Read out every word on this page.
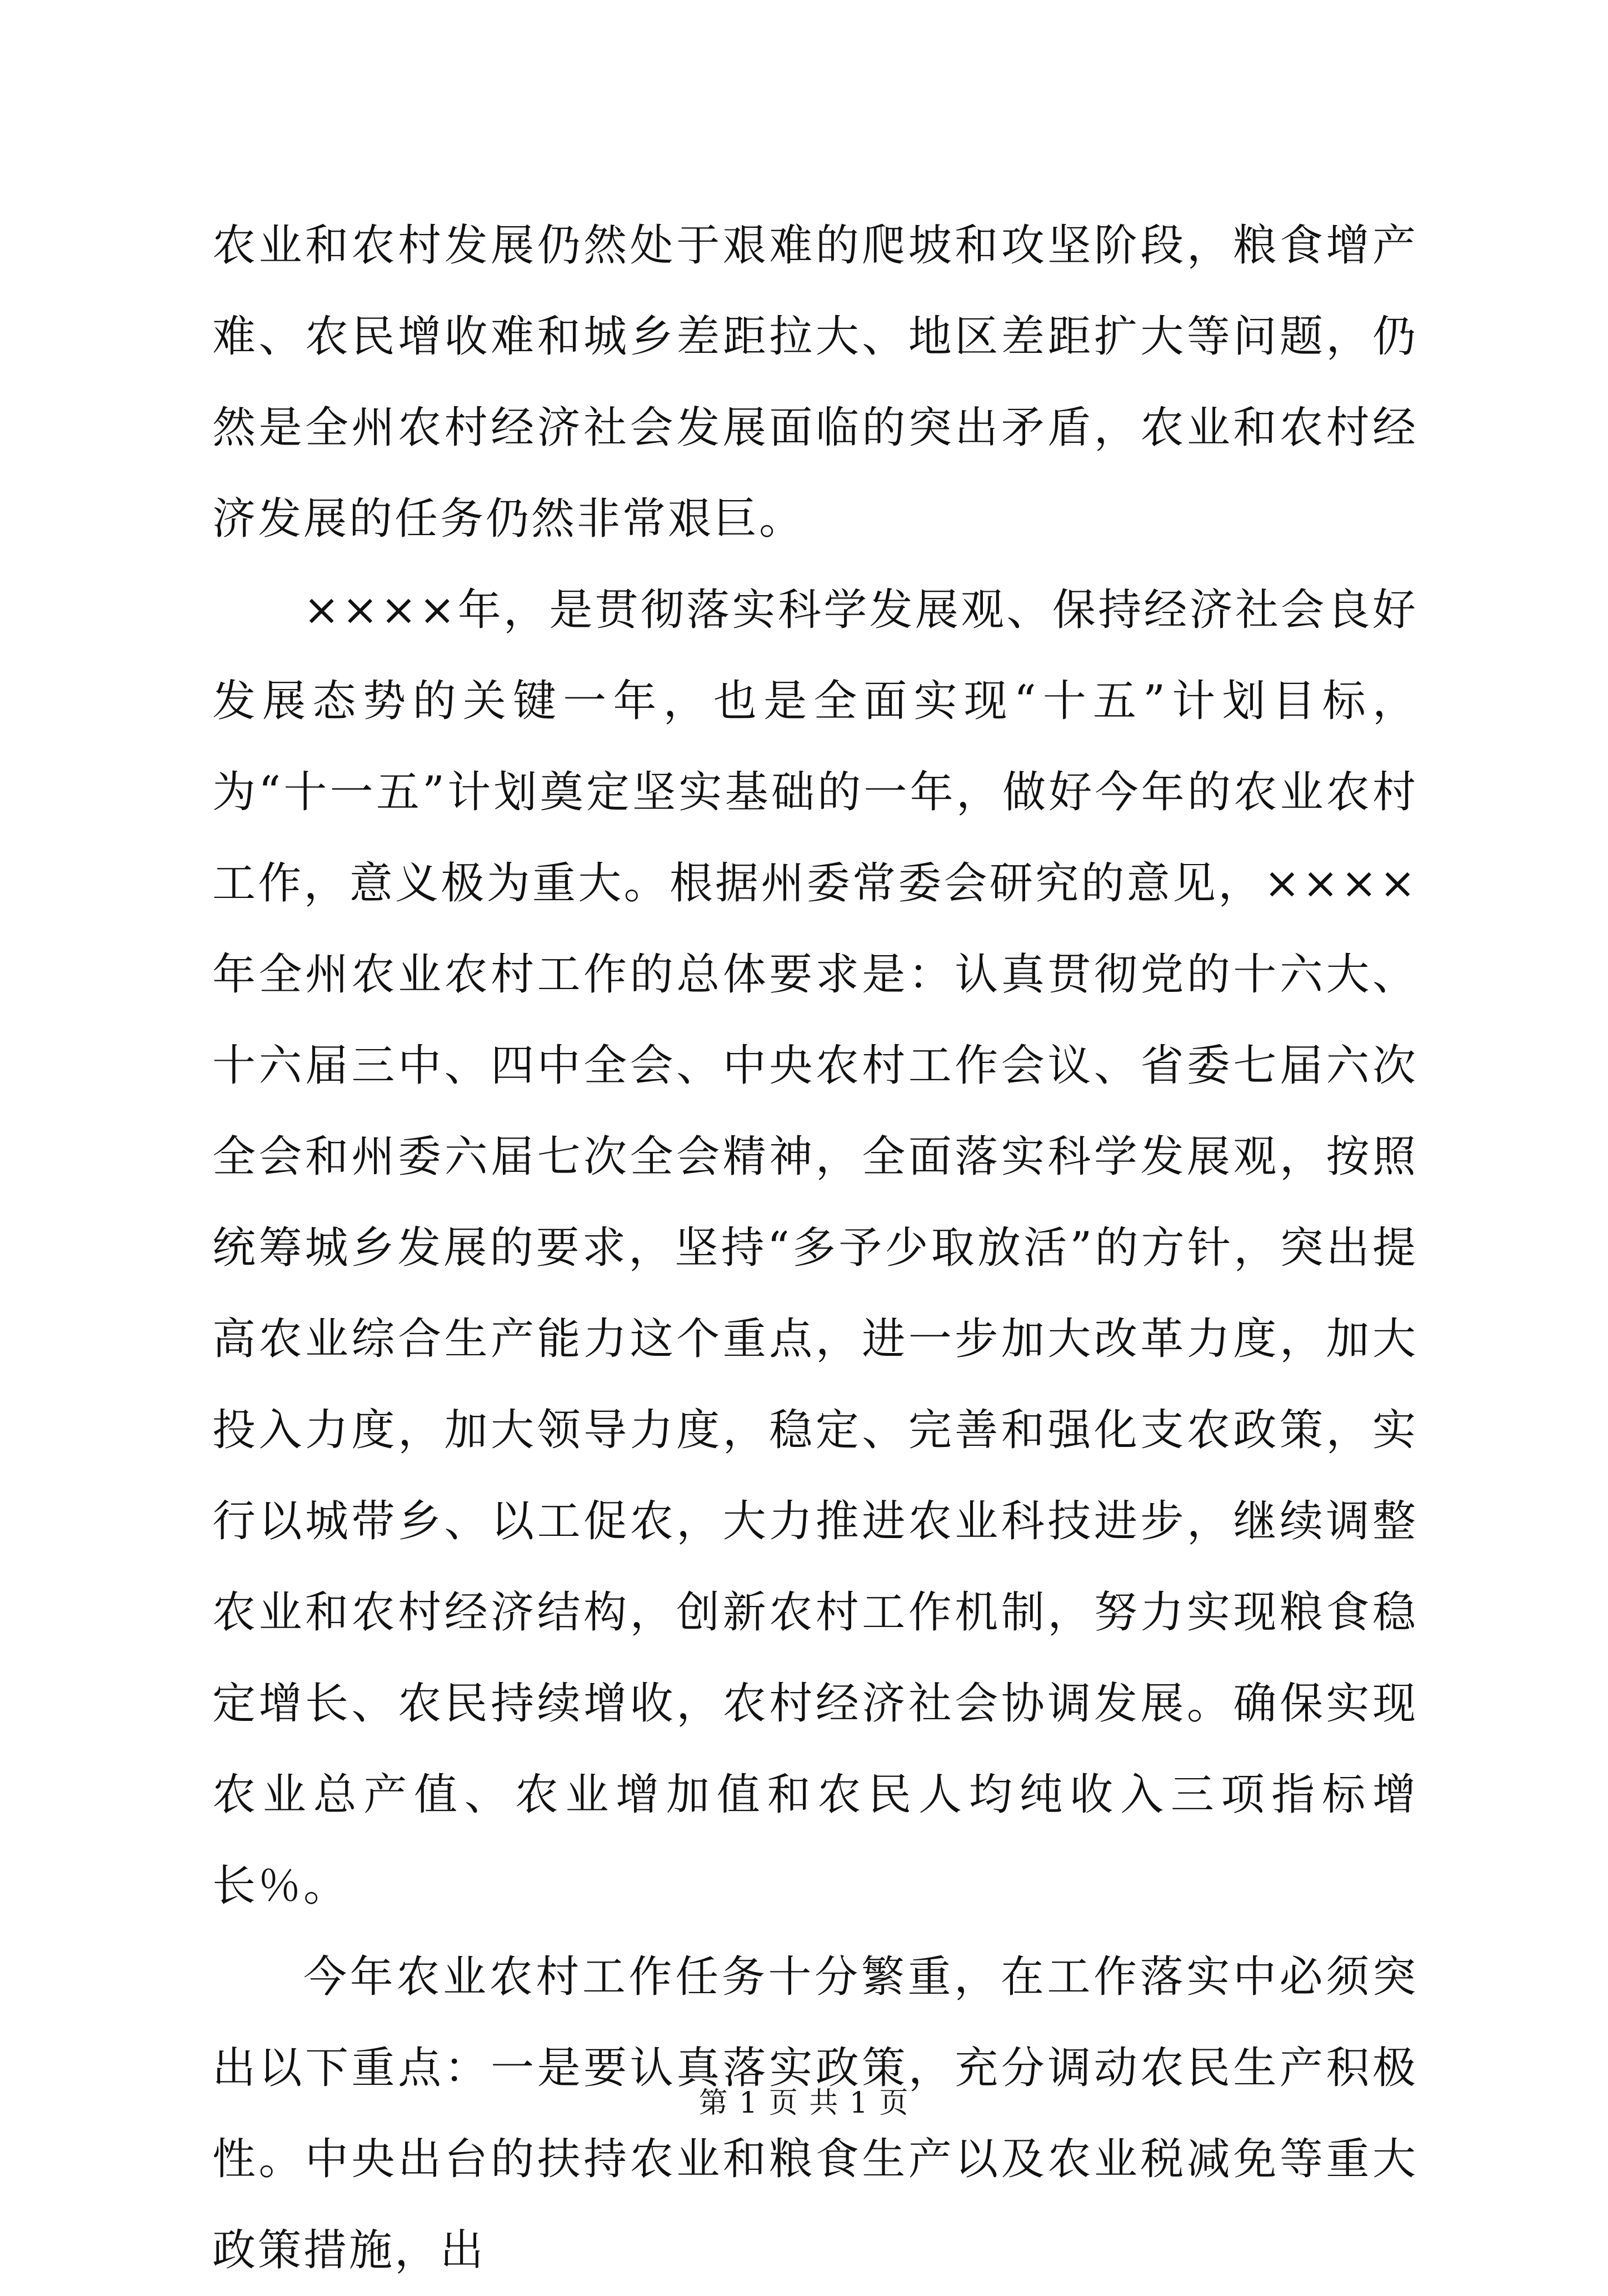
农业和农村发展仍然处于艰难的爬坡和攻坚阶段，粮食增产难、农民增收难和城乡差距拉大、地区差距扩大等问题，仍然是全州农村经济社会发展面临的突出矛盾，农业和农村经济发展的任务仍然非常艰巨。

××××年，是贯彻落实科学发展观、保持经济社会良好发展态势的关键一年，也是全面实现“十五”计划目标，为“十一五”计划奠定坚实基础的一年，做好今年的农业农村工作，意义极为重大。根据州委常委会研究的意见，××××年全州农业农村工作的总体要求是：认真贯彻党的十六大、十六届三中、四中全会、中央农村工作会议、省委七届六次全会和州委六届七次全会精神，全面落实科学发展观，按照统筹城乡发展的要求，坚持“多予少取放活”的方针，突出提高农业综合生产能力这个重点，进一步加大改革力度，加大投入力度，加大领导力度，稳定、完善和强化支农政策，实行以城带乡、以工促农，大力推进农业科技进步，继续调整农业和农村经济结构，创新农村工作机制，努力实现粮食稳定增长、农民持续增收，农村经济社会协调发展。确保实现农业总产值、农业增加值和农民人均纯收入三项指标增长％。

今年农业农村工作任务十分繁重，在工作落实中必须突出以下重点：一是要认真落实政策，充分调动农民生产积极性。中央出台的扶持农业和粮食生产以及农业税减免等重大政策措施，出

第 1 页 共 1 页
